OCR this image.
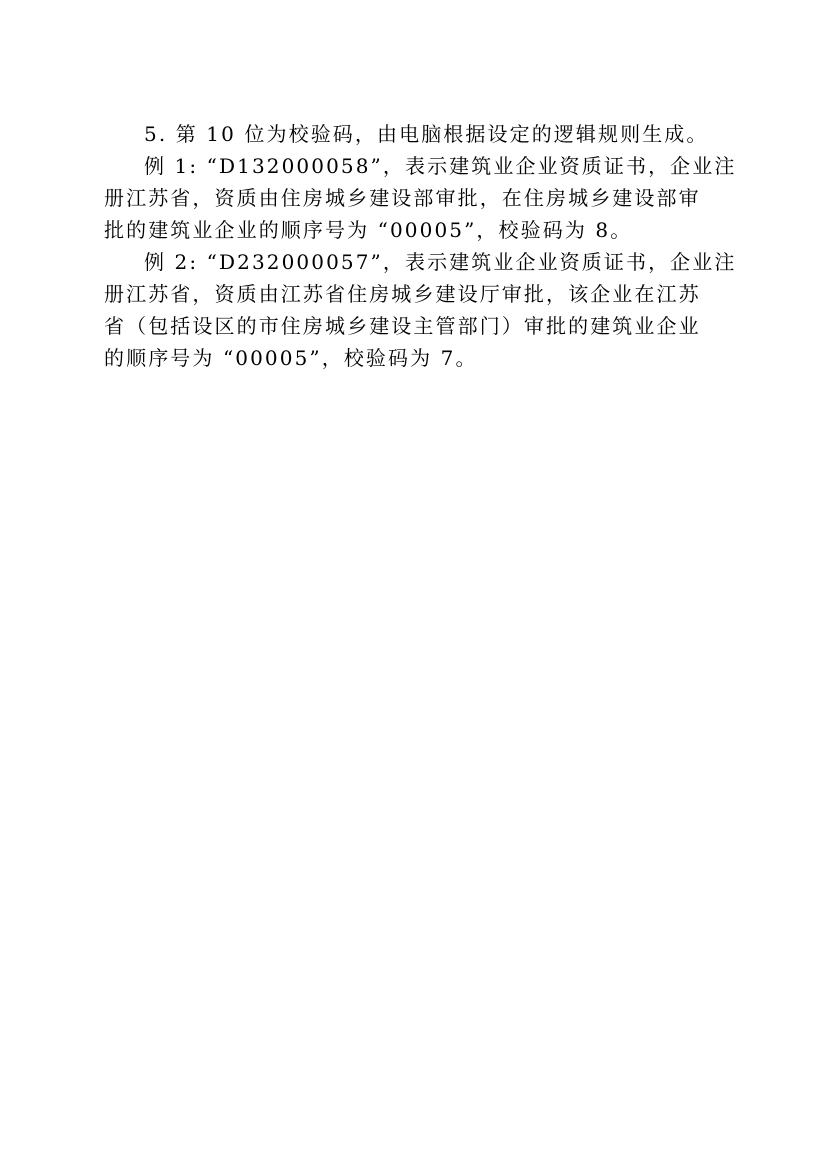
5. 第 10 位为校验码，由电脑根据设定的逻辑规则生成。

例 1: “D132000058”，表示建筑业企业资质证书，企业注

册江苏省，资质由住房城乡建设部审批，在住房城乡建设部审

批的建筑业企业的顺序号为 “00005”，校验码为 8。

例 2: “D232000057”，表示建筑业企业资质证书，企业注

册江苏省，资质由江苏省住房城乡建设厅审批，该企业在江苏

省（包括设区的市住房城乡建设主管部门）审批的建筑业企业

的顺序号为 “00005”，校验码为 7。
